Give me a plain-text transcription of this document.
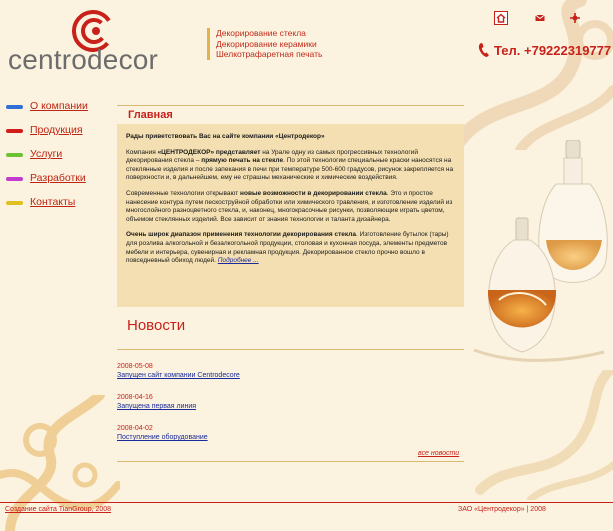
centrodecor
Декорирование стекла
Декорирование керамики
Шелкотрафаретная печать	Тел. +79222319777
О компании
Продукция
Услуги
Разработки
Контакты
Главная

Рады приветствовать Вас на сайте компании «Центродекор»

Компания «ЦЕНТРОДЕКОР» представляет на Урале одну из самых прогрессивных технологий декорирования стекла – прямую печать на стекле. По этой технологии специальные краски наносятся на стеклянные изделия и после запекания в печи при температуре 500-600 градусов, рисунок закрепляется на поверхности и, в дальнейшем, ему не страшны механические и химические воздействия.

Современные технологии открывают новые возможности в декорировании стекла. Это и простое нанесение контура путем пескоструйной обработки или химического травления, и изготовление изделий из многослойного разноцветного стекла, и, наконец, многокрасочные рисунки, позволяющие играть цветом, объемом стеклянных изделий. Все зависит от знания технологии и таланта дизайнера.

Очень широк диапазон применения технологии декорирования стекла. Изготовление бутылок (тары) для розлива алкогольной и безалкогольной продукции, столовая и кухонная посуда, элементы предметов мебели и интерьера, сувенирная и рекламная продукция. Декорированное стекло прочно вошло в повседневный обиход людей. Подробнее ...

Новости
2008-05-08
Запущен сайт компании Centrodecore
2008-04-16
Запущена первая линия
2008-04-02
Поступление оборудование
все новости
Создание сайта TianGroup, 2008	ЗАО «Центродекор» | 2008
